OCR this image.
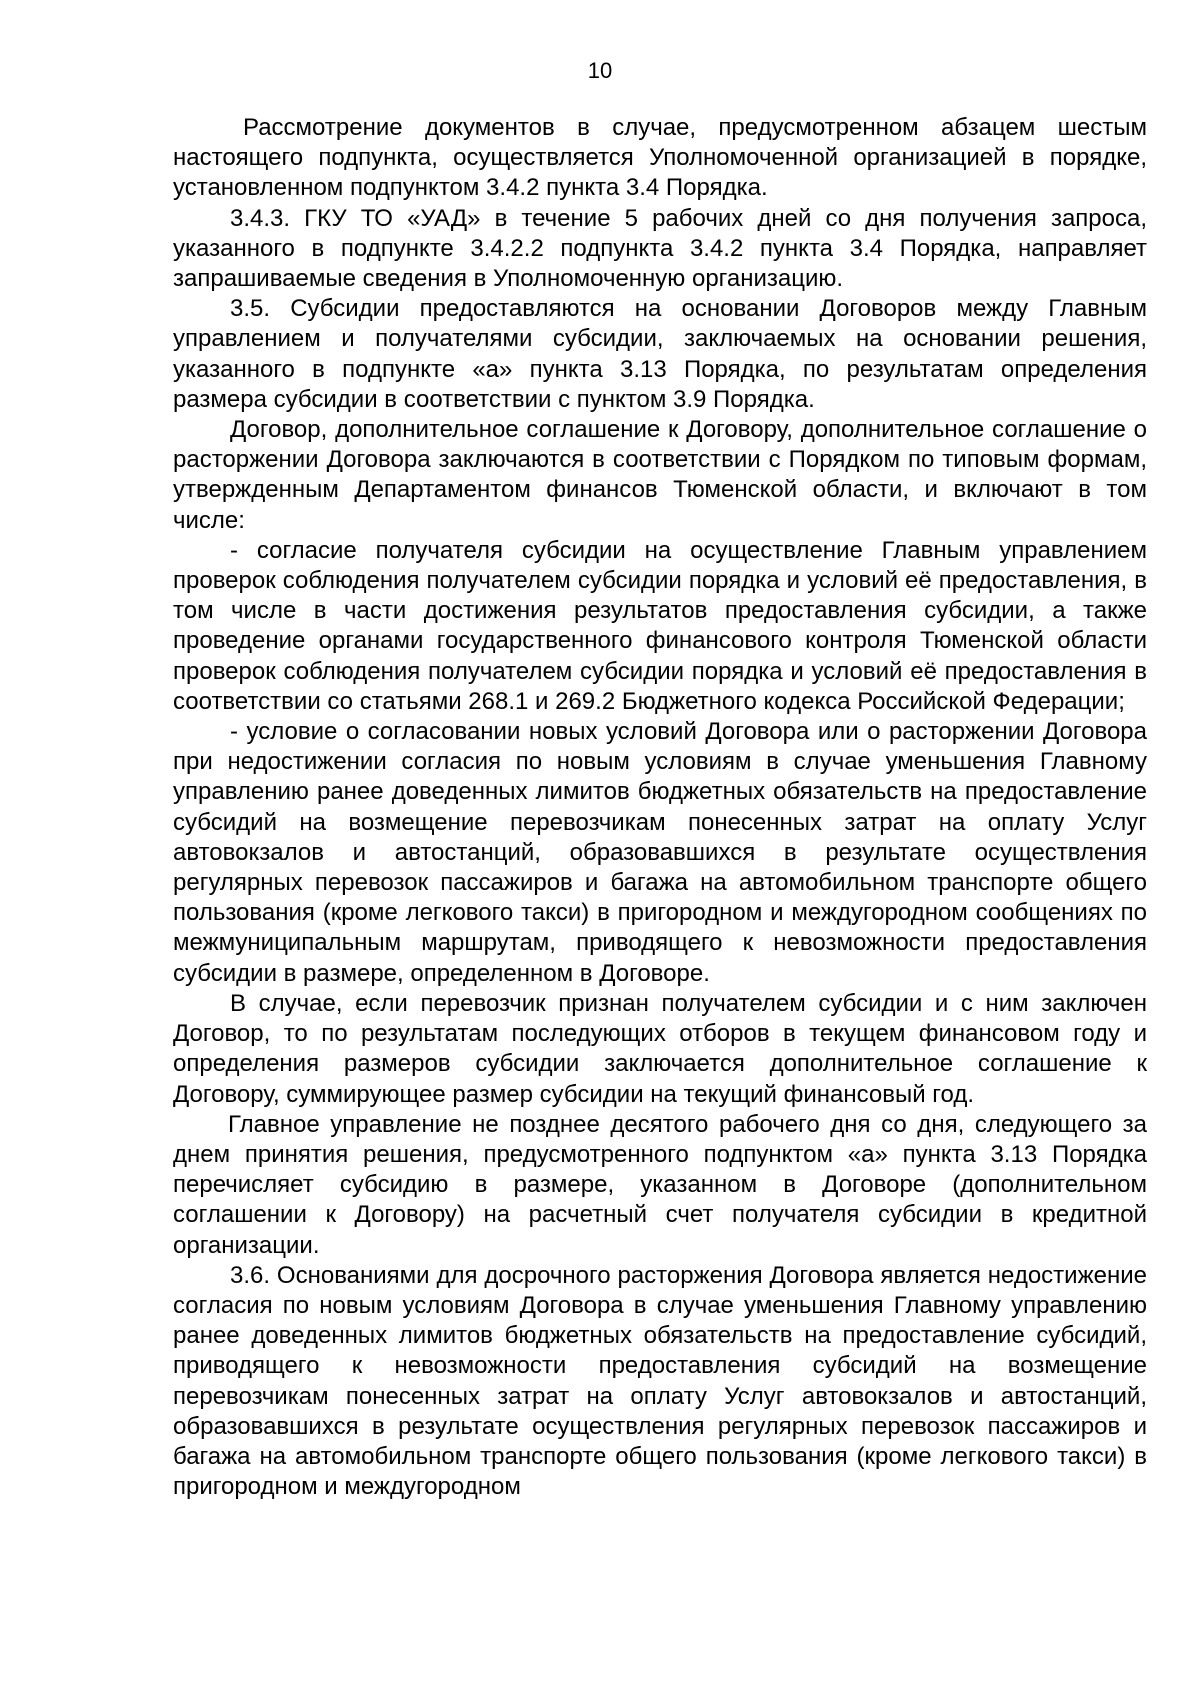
10

Рассмотрение документов в случае, предусмотренном абзацем шестым настоящего подпункта, осуществляется Уполномоченной организацией в порядке, установленном подпунктом 3.4.2 пункта 3.4 Порядка.

3.4.3. ГКУ ТО «УАД» в течение 5 рабочих дней со дня получения запроса, указанного в подпункте 3.4.2.2 подпункта 3.4.2 пункта 3.4 Порядка, направляет запрашиваемые сведения в Уполномоченную организацию.

3.5. Субсидии предоставляются на основании Договоров между Главным управлением и получателями субсидии, заключаемых на основании решения, указанного в подпункте «а» пункта 3.13 Порядка, по результатам определения размера субсидии в соответствии с пунктом 3.9 Порядка.

Договор, дополнительное соглашение к Договору, дополнительное соглашение о расторжении Договора заключаются в соответствии с Порядком по типовым формам, утвержденным Департаментом финансов Тюменской области, и включают в том числе:

- согласие получателя субсидии на осуществление Главным управлением проверок соблюдения получателем субсидии порядка и условий её предоставления, в том числе в части достижения результатов предоставления субсидии, а также проведение органами государственного финансового контроля Тюменской области проверок соблюдения получателем субсидии порядка и условий её предоставления в соответствии со статьями 268.1 и 269.2 Бюджетного кодекса Российской Федерации;

- условие о согласовании новых условий Договора или о расторжении Договора при недостижении согласия по новым условиям в случае уменьшения Главному управлению ранее доведенных лимитов бюджетных обязательств на предоставление субсидий на возмещение перевозчикам понесенных затрат на оплату Услуг автовокзалов и автостанций, образовавшихся в результате осуществления регулярных перевозок пассажиров и багажа на автомобильном транспорте общего пользования (кроме легкового такси) в пригородном и междугородном сообщениях по межмуниципальным маршрутам, приводящего к невозможности предоставления субсидии в размере, определенном в Договоре.

В случае, если перевозчик признан получателем субсидии и с ним заключен Договор, то по результатам последующих отборов в текущем финансовом году и определения размеров субсидии заключается дополнительное соглашение к Договору, суммирующее размер субсидии на текущий финансовый год.

Главное управление не позднее десятого рабочего дня со дня, следующего за днем принятия решения, предусмотренного подпунктом «а» пункта 3.13 Порядка перечисляет субсидию в размере, указанном в Договоре (дополнительном соглашении к Договору) на расчетный счет получателя субсидии в кредитной организации.

3.6. Основаниями для досрочного расторжения Договора является недостижение согласия по новым условиям Договора в случае уменьшения Главному управлению ранее доведенных лимитов бюджетных обязательств на предоставление субсидий, приводящего к невозможности предоставления субсидий на возмещение перевозчикам понесенных затрат на оплату Услуг автовокзалов и автостанций, образовавшихся в результате осуществления регулярных перевозок пассажиров и багажа на автомобильном транспорте общего пользования (кроме легкового такси) в пригородном и междугородном
